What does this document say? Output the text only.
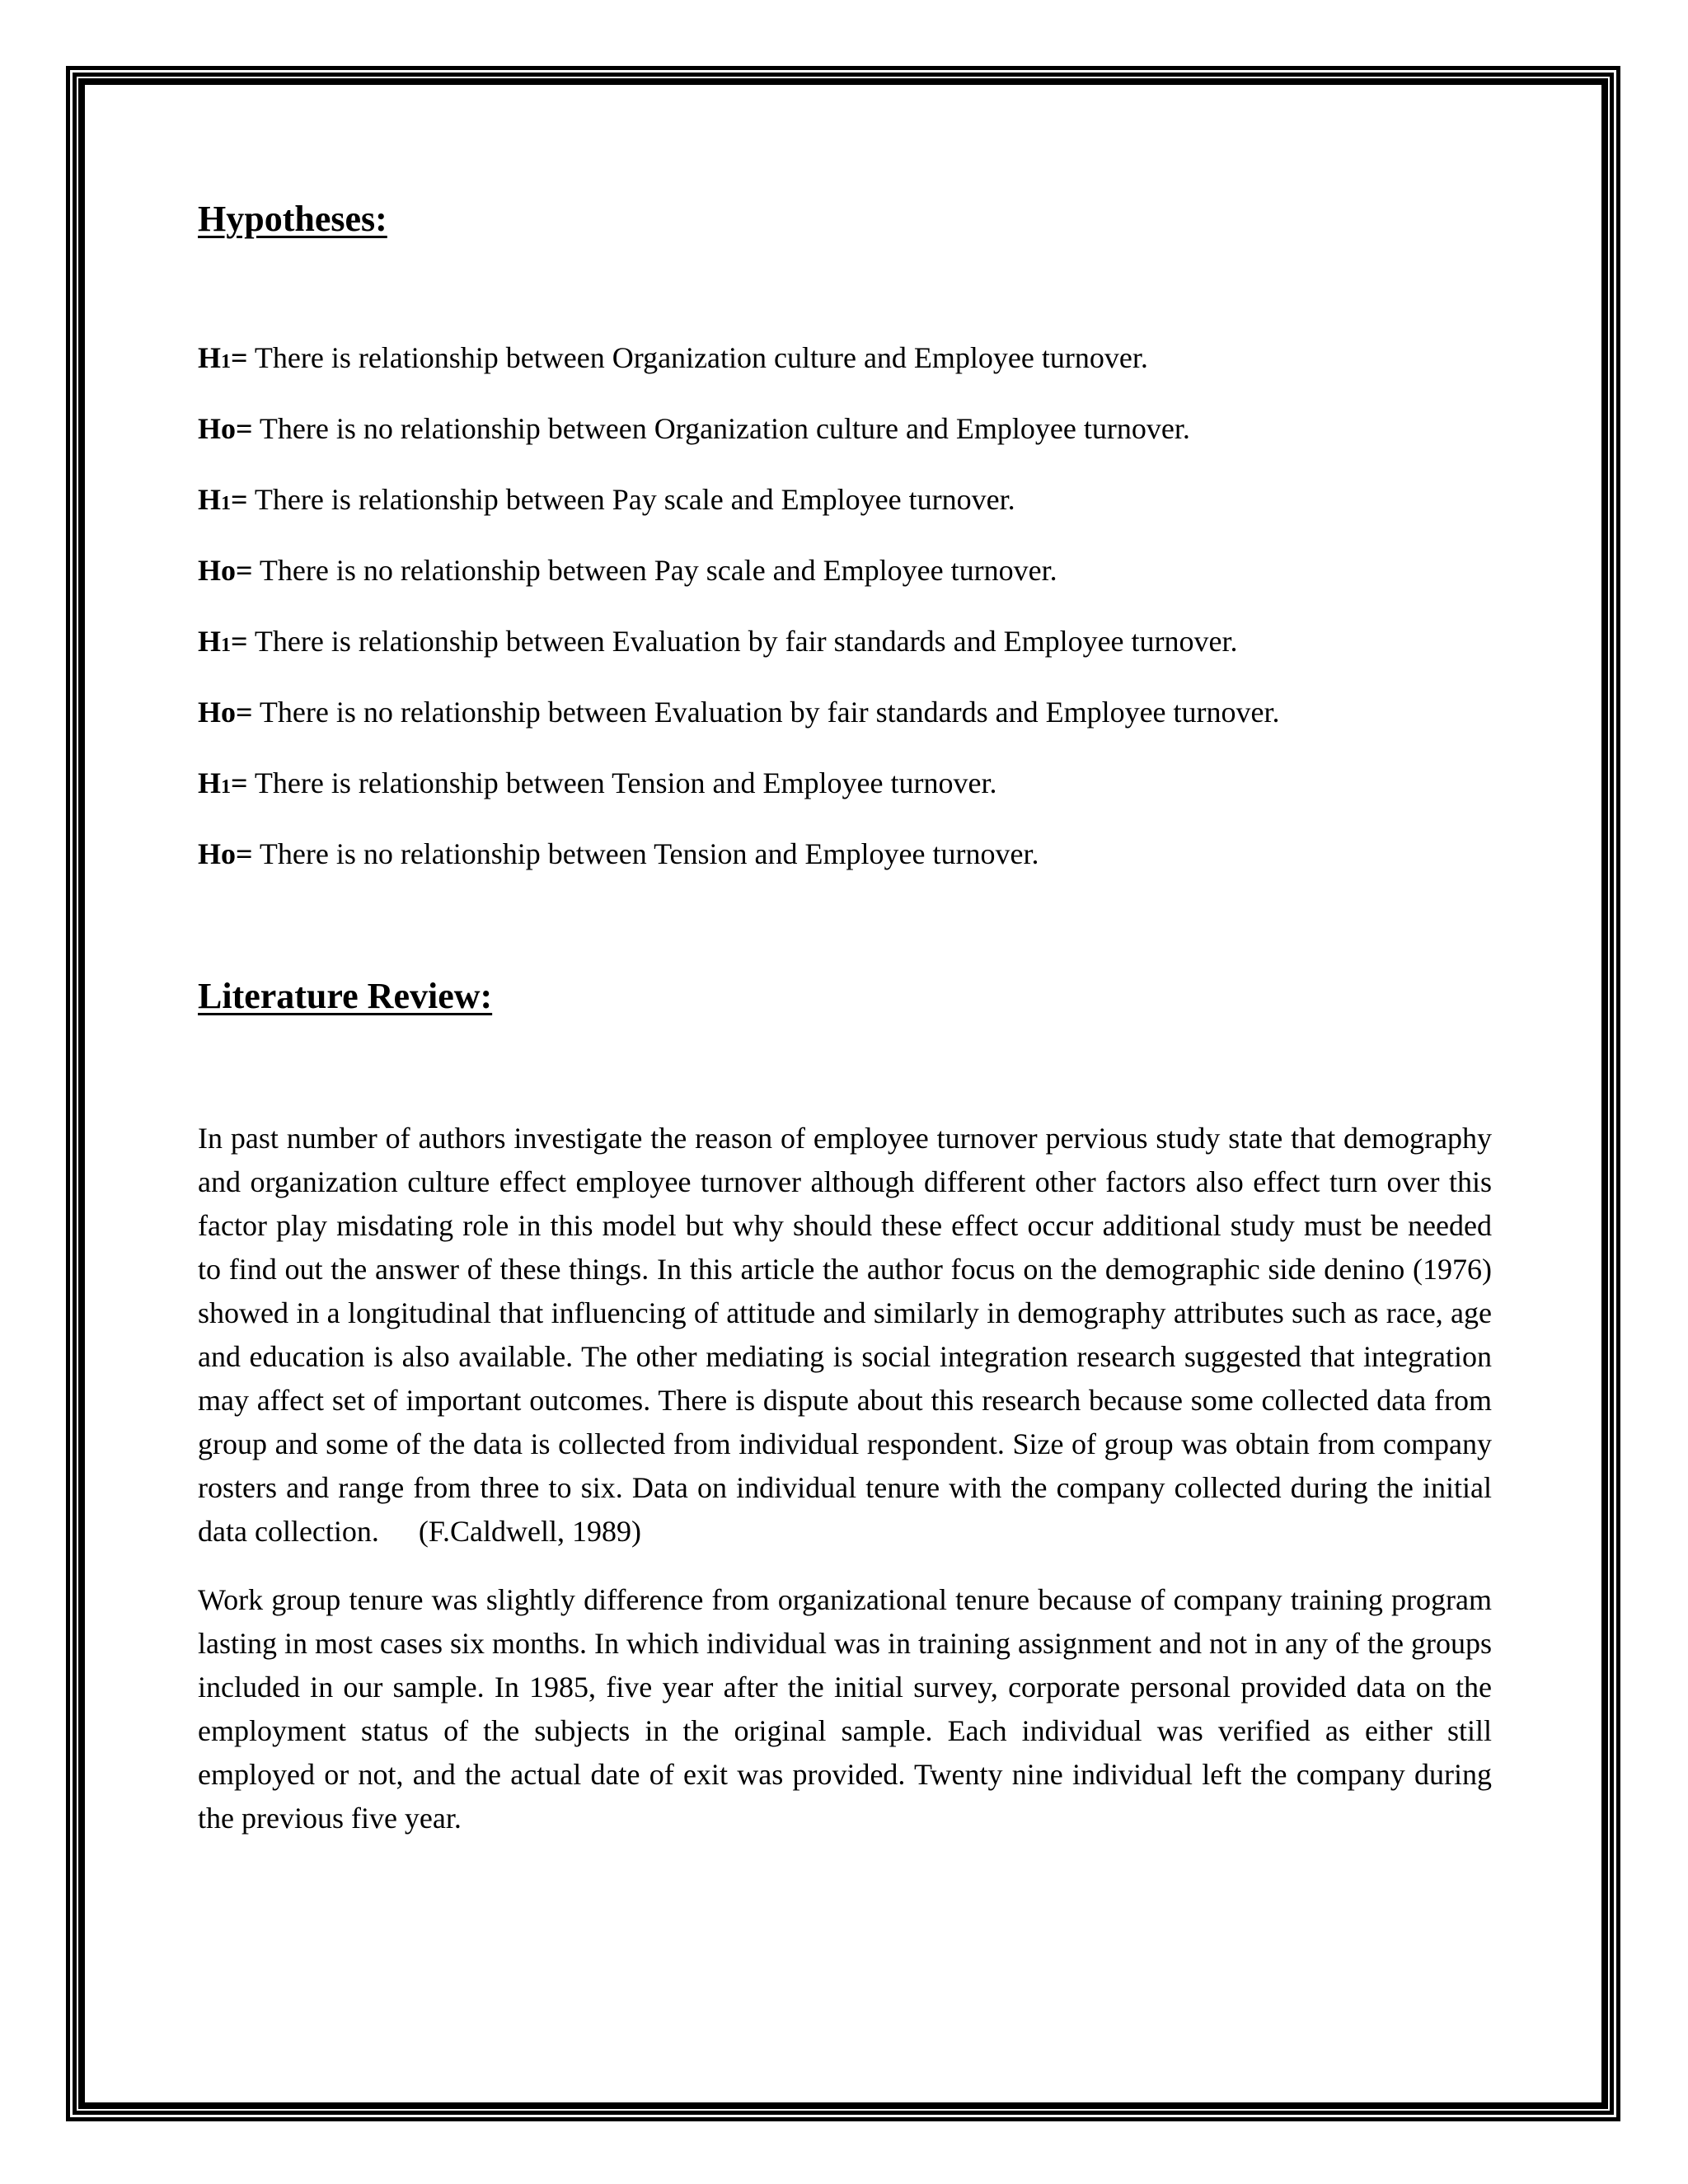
Hypotheses:
H1= There is relationship between Organization culture and Employee turnover.
Ho= There is no relationship between Organization culture and Employee turnover.
H1= There is relationship between Pay scale and Employee turnover.
Ho= There is no relationship between Pay scale and Employee turnover.
H1= There is relationship between Evaluation by fair standards and Employee turnover.
Ho= There is no relationship between Evaluation by fair standards and Employee turnover.
H1= There is relationship between Tension and Employee turnover.
Ho= There is no relationship between Tension and Employee turnover.
Literature Review:

In past number of authors investigate the reason of employee turnover pervious study state that demography and organization culture effect employee turnover although different other factors also effect turn over this factor play misdating role in this model but why should these effect occur additional study must be needed to find out the answer of these things. In this article the author focus on the demographic side denino (1976) showed in a longitudinal that influencing of attitude and similarly in demography attributes such as race, age and education is also available. The other mediating is social integration research suggested that integration may affect set of important outcomes. There is dispute about this research because some collected data from group and some of the data is collected from individual respondent. Size of group was obtain from company rosters and range from three to six. Data on individual tenure with the company collected during the initial data collection. (F.Caldwell, 1989)

Work group tenure was slightly difference from organizational tenure because of company training program lasting in most cases six months. In which individual was in training assignment and not in any of the groups included in our sample. In 1985, five year after the initial survey, corporate personal provided data on the employment status of the subjects in the original sample. Each individual was verified as either still employed or not, and the actual date of exit was provided. Twenty nine individual left the company during the previous five year.
